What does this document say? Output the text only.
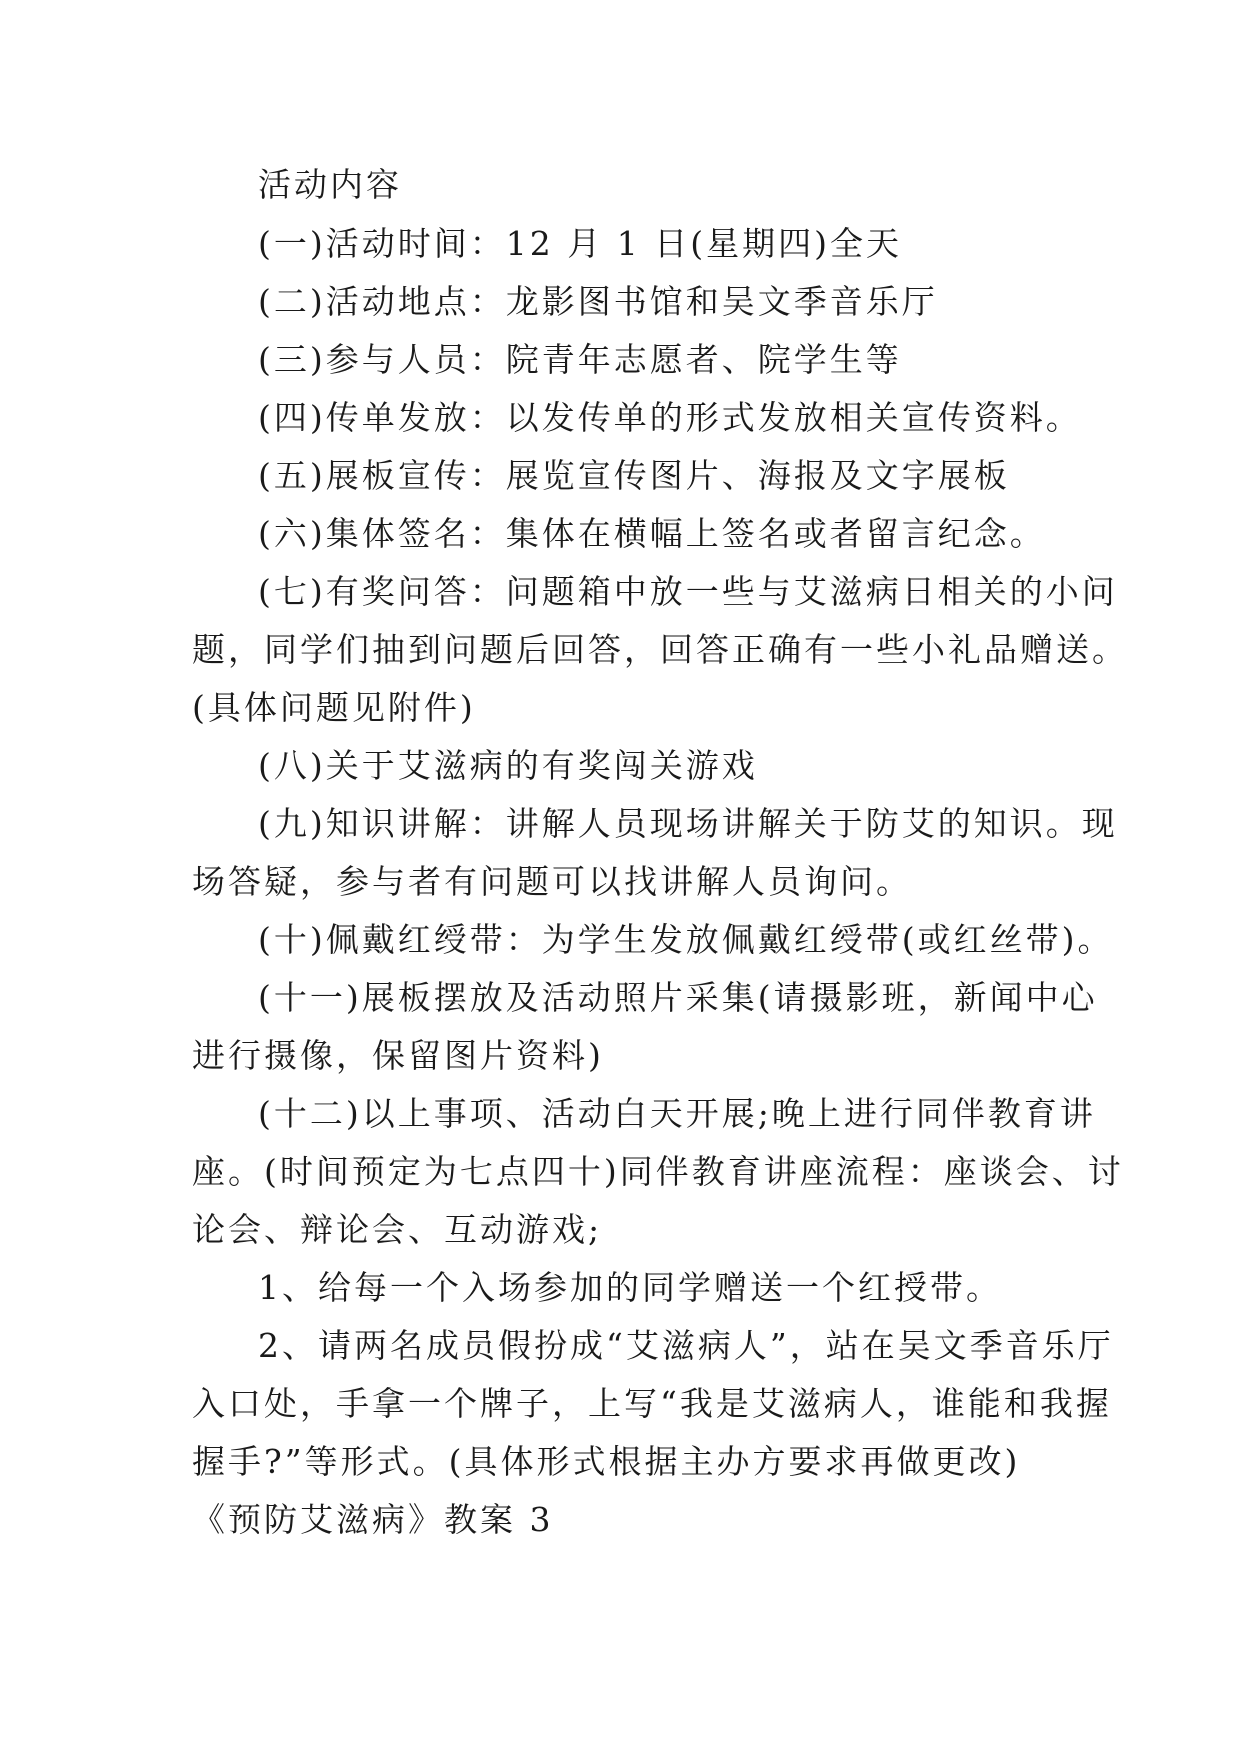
活动内容
(一)活动时间：12 月 1 日(星期四)全天
(二)活动地点：龙影图书馆和吴文季音乐厅
(三)参与人员：院青年志愿者、院学生等
(四)传单发放：以发传单的形式发放相关宣传资料。
(五)展板宣传：展览宣传图片、海报及文字展板
(六)集体签名：集体在横幅上签名或者留言纪念。
(七)有奖问答：问题箱中放一些与艾滋病日相关的小问
题，同学们抽到问题后回答，回答正确有一些小礼品赠送。
(具体问题见附件)
(八)关于艾滋病的有奖闯关游戏
(九)知识讲解：讲解人员现场讲解关于防艾的知识。现
场答疑，参与者有问题可以找讲解人员询问。
(十)佩戴红绶带：为学生发放佩戴红绶带(或红丝带)。
(十一)展板摆放及活动照片采集(请摄影班，新闻中心
进行摄像，保留图片资料)
(十二)以上事项、活动白天开展;晚上进行同伴教育讲
座。(时间预定为七点四十)同伴教育讲座流程：座谈会、讨
论会、辩论会、互动游戏;
1、给每一个入场参加的同学赠送一个红授带。
2、请两名成员假扮成“艾滋病人”，站在吴文季音乐厅
入口处，手拿一个牌子，上写“我是艾滋病人，谁能和我握
握手?”等形式。(具体形式根据主办方要求再做更改)
《预防艾滋病》教案 3
